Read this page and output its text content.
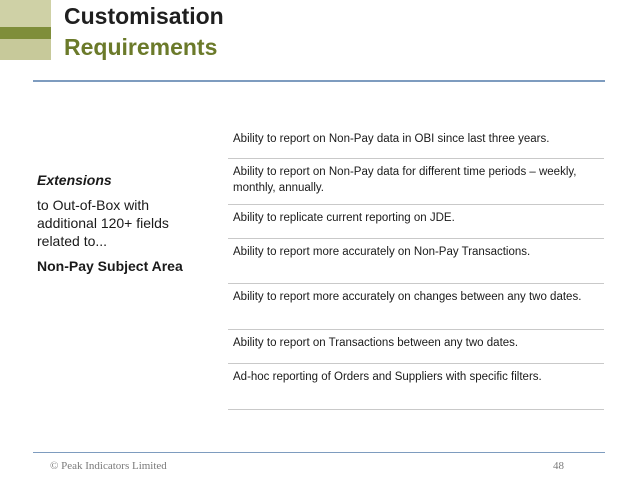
Customisation
Requirements
Extensions
to Out-of-Box with additional 120+ fields related to...
Non-Pay Subject Area
Ability to report on Non-Pay data in OBI since last three years.
Ability to report on Non-Pay data for different time periods – weekly, monthly, annually.
Ability to replicate current reporting on JDE.
Ability to report more accurately on Non-Pay Transactions.
Ability to report more accurately on changes between any two dates.
Ability to report on Transactions between any two dates.
Ad-hoc reporting of Orders and Suppliers with specific filters.
© Peak Indicators Limited	48
